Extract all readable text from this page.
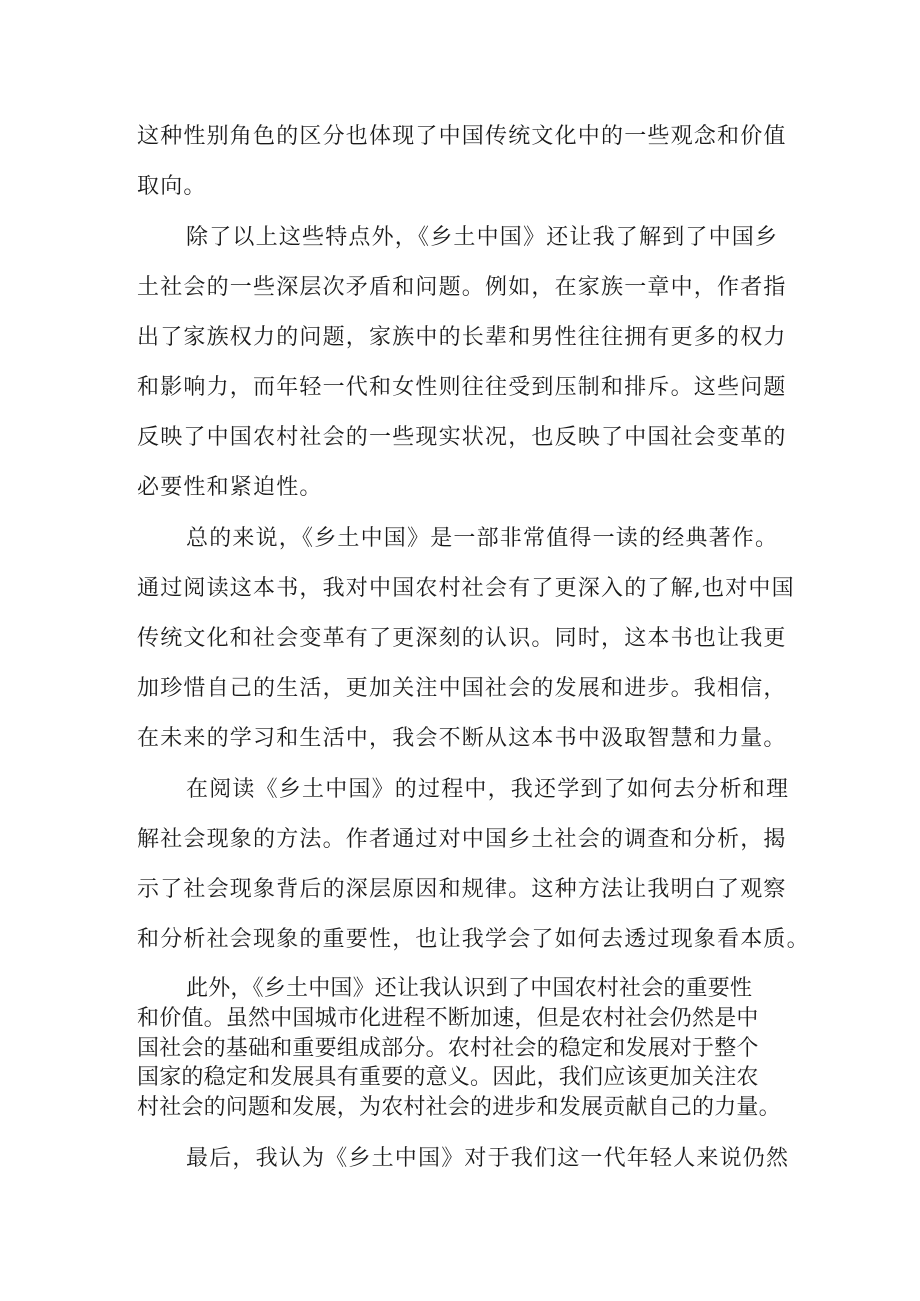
这种性别角色的区分也体现了中国传统文化中的一些观念和价值
取向。
除了以上这些特点外，《乡土中国》还让我了解到了中国乡
土社会的一些深层次矛盾和问题。例如，在家族一章中，作者指
出了家族权力的问题，家族中的长辈和男性往往拥有更多的权力
和影响力，而年轻一代和女性则往往受到压制和排斥。这些问题
反映了中国农村社会的一些现实状况，也反映了中国社会变革的
必要性和紧迫性。
总的来说，《乡土中国》是一部非常值得一读的经典著作。
通过阅读这本书，我对中国农村社会有了更深入的了解,也对中国
传统文化和社会变革有了更深刻的认识。同时，这本书也让我更
加珍惜自己的生活，更加关注中国社会的发展和进步。我相信，
在未来的学习和生活中，我会不断从这本书中汲取智慧和力量。
在阅读《乡土中国》的过程中，我还学到了如何去分析和理
解社会现象的方法。作者通过对中国乡土社会的调查和分析，揭
示了社会现象背后的深层原因和规律。这种方法让我明白了观察
和分析社会现象的重要性，也让我学会了如何去透过现象看本质。
此外，《乡土中国》还让我认识到了中国农村社会的重要性
和价值。虽然中国城市化进程不断加速，但是农村社会仍然是中
国社会的基础和重要组成部分。农村社会的稳定和发展对于整个
国家的稳定和发展具有重要的意义。因此，我们应该更加关注农
村社会的问题和发展，为农村社会的进步和发展贡献自己的力量。
最后，我认为《乡土中国》对于我们这一代年轻人来说仍然
